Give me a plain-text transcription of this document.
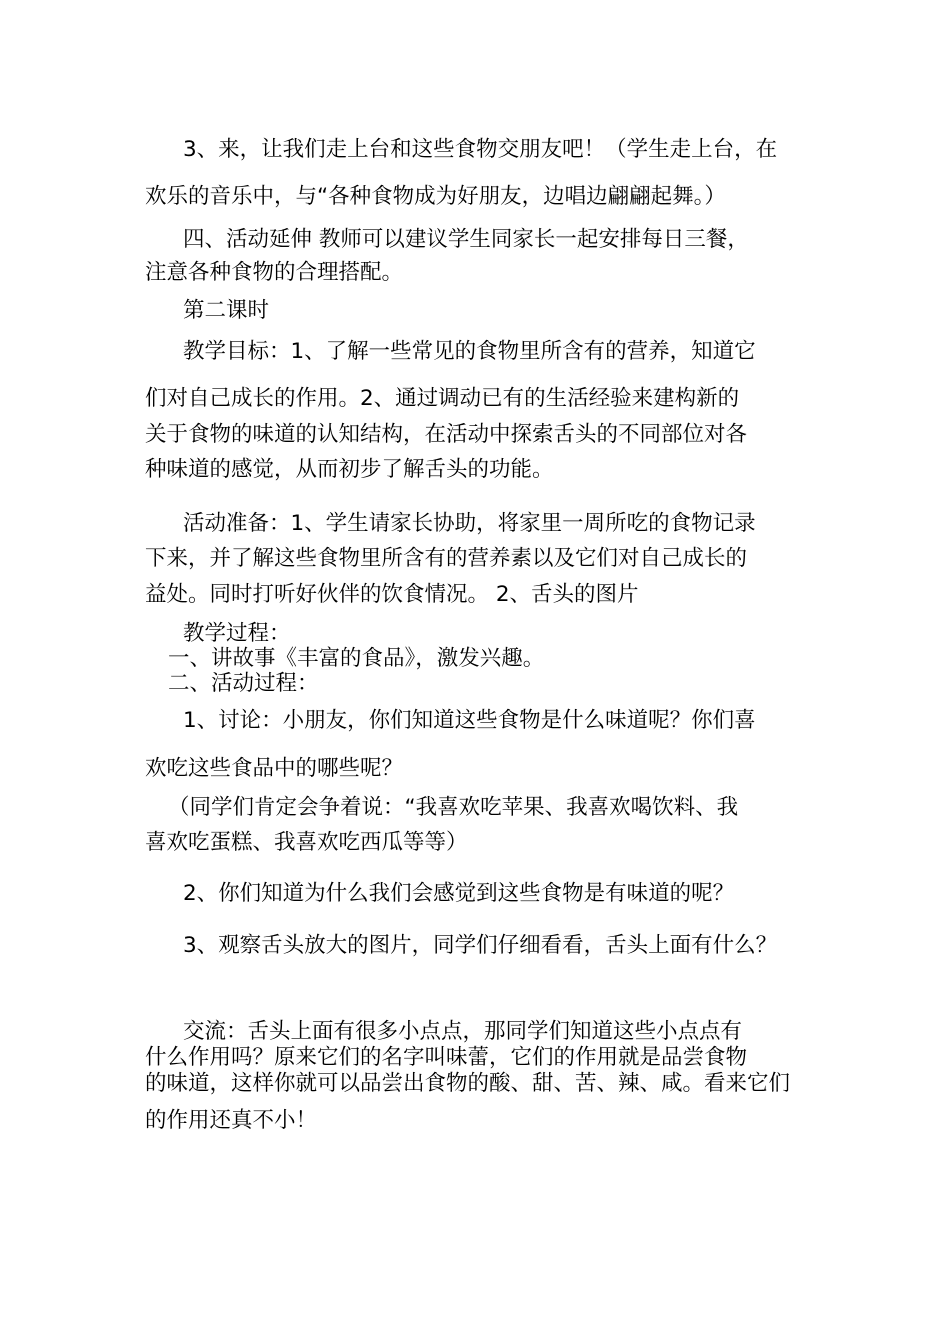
3、来，让我们走上台和这些食物交朋友吧！（学生走上台，在
欢乐的音乐中，与“各种食物成为好朋友，边唱边翩翩起舞。）
四、活动延伸 教师可以建议学生同家长一起安排每日三餐，
注意各种食物的合理搭配。
第二课时
教学目标：1、了解一些常见的食物里所含有的营养，知道它
们对自己成长的作用。2、通过调动已有的生活经验来建构新的
关于食物的味道的认知结构，在活动中探索舌头的不同部位对各
种味道的感觉，从而初步了解舌头的功能。
活动准备：1、学生请家长协助，将家里一周所吃的食物记录
下来，并了解这些食物里所含有的营养素以及它们对自己成长的
益处。同时打听好伙伴的饮食情况。 2、舌头的图片
教学过程：
一、讲故事《丰富的食品》，激发兴趣。
二、活动过程：
1、讨论：小朋友，你们知道这些食物是什么味道呢？你们喜
欢吃这些食品中的哪些呢？
（同学们肯定会争着说：“我喜欢吃苹果、我喜欢喝饮料、我
喜欢吃蛋糕、我喜欢吃西瓜等等）
2、你们知道为什么我们会感觉到这些食物是有味道的呢？
3、观察舌头放大的图片，同学们仔细看看，舌头上面有什么？
交流：舌头上面有很多小点点，那同学们知道这些小点点有
什么作用吗？原来它们的名字叫味蕾，它们的作用就是品尝食物
的味道，这样你就可以品尝出食物的酸、甜、苦、辣、咸。看来它们
的作用还真不小！
